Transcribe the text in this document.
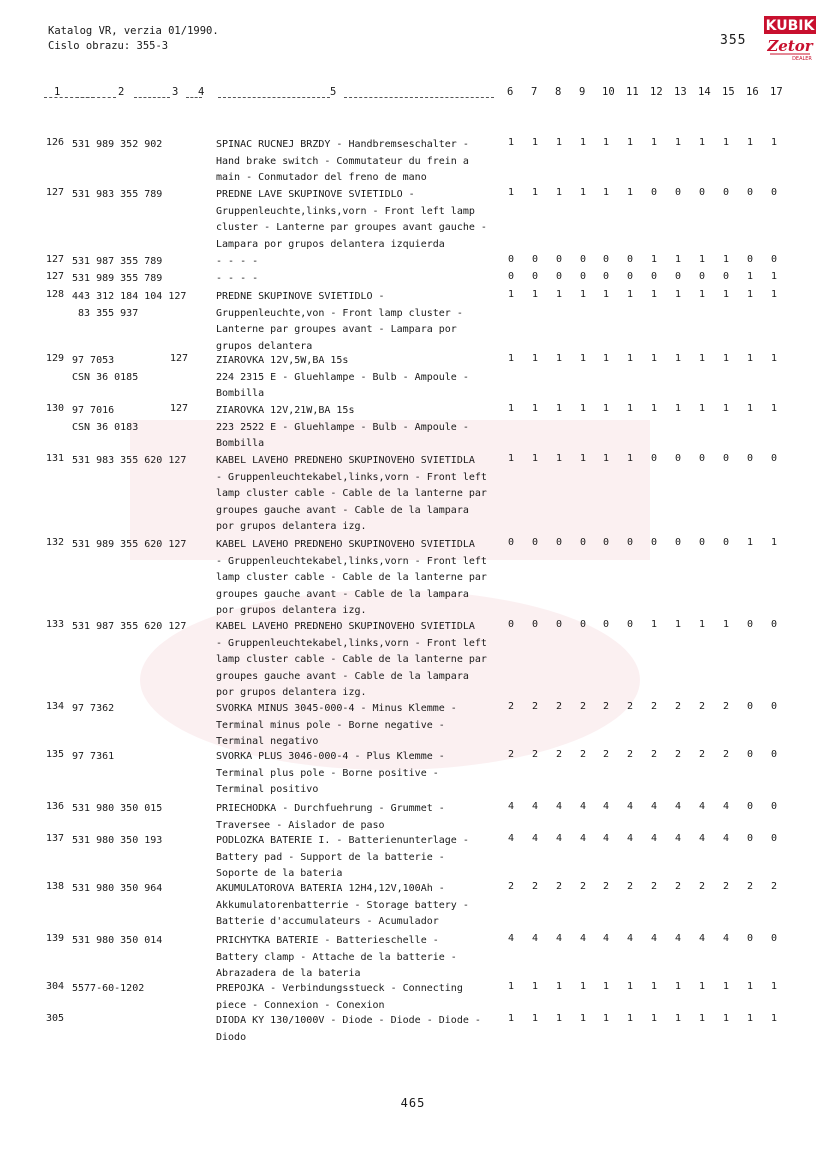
Katalog VR, verzia 01/1990.
Cislo obrazu: 355-3	355
KUBIK
Zetor
DEALER
1	2	3 4	5	6 7 8 9 10 11 12 13 14 15 16 17
126 531 989 352 902	SPINAC RUCNEJ BRZDY - Handbremseschalter -
Hand brake switch - Commutateur du frein a
main - Conmutador del freno de mano
1	1	1	1	1	1	1	1	1	1	1	1
127 531 983 355 789	PREDNE LAVE SKUPINOVE SVIETIDLO -
Gruppenleuchte,links,vorn - Front left lamp
cluster - Lanterne par groupes avant gauche -
Lampara por grupos delantera izquierda
1	1	1	1	1	1	0	0	0	0	0	0
127 531 987 355 789	- - - -	0	0	0	0	0	0	1	1	1	1	0	0
127 531 989 355 789	- - - -	0	0	0	0	0	0	0	0	0	0	1	1
128 443 312 184 104 127
83 355 937
PREDNE SKUPINOVE SVIETIDLO -
Gruppenleuchte,von - Front lamp cluster -
Lanterne par groupes avant - Lampara por
grupos delantera
1	1	1	1	1	1	1	1	1	1	1	1
129 97 7053
CSN 36 0185
127	ZIAROVKA 12V,5W,BA 15s
224 2315 E - Gluehlampe - Bulb - Ampoule -
Bombilla
1	1	1	1	1	1	1	1	1	1	1	1
130 97 7016
CSN 36 0183
127	ZIAROVKA 12V,21W,BA 15s
223 2522 E - Gluehlampe - Bulb - Ampoule -
Bombilla
1	1	1	1	1	1	1	1	1	1	1	1
131 531 983 355 620 127	KABEL LAVEHO PREDNEHO SKUPINOVEHO SVIETIDLA
- Gruppenleuchtekabel,links,vorn - Front left
lamp cluster cable - Cable de la lanterne par
groupes gauche avant - Cable de la lampara
por grupos delantera izg.
1	1	1	1	1	1	0	0	0	0	0	0
132 531 989 355 620 127	KABEL LAVEHO PREDNEHO SKUPINOVEHO SVIETIDLA
- Gruppenleuchtekabel,links,vorn - Front left
lamp cluster cable - Cable de la lanterne par
groupes gauche avant - Cable de la lampara
por grupos delantera izg.
0	0	0	0	0	0	0	0	0	0	1	1
133 531 987 355 620 127	KABEL LAVEHO PREDNEHO SKUPINOVEHO SVIETIDLA
- Gruppenleuchtekabel,links,vorn - Front left
lamp cluster cable - Cable de la lanterne par
groupes gauche avant - Cable de la lampara
por grupos delantera izg.
0	0	0	0	0	0	1	1	1	1	0	0
134 97 7362	SVORKA MINUS 3045-000-4 - Minus Klemme -
Terminal minus pole - Borne negative -
Terminal negativo
2	2	2	2	2	2	2	2	2	2	0	0
135 97 7361	SVORKA PLUS 3046-000-4 - Plus Klemme -
Terminal plus pole - Borne positive -
Terminal positivo
2	2	2	2	2	2	2	2	2	2	0	0
136 531 980 350 015	PRIECHODKA - Durchfuehrung - Grummet -
Traversee - Aislador de paso
4	4	4	4	4	4	4	4	4	4	0	0
137 531 980 350 193	PODLOZKA BATERIE I. - Batterienunterlage -
Battery pad - Support de la batterie -
Soporte de la bateria
4	4	4	4	4	4	4	4	4	4	0	0
138 531 980 350 964	AKUMULATOROVA BATERIA 12H4,12V,100Ah -
Akkumulatorenbatterrie - Storage battery -
Batterie d'accumulateurs - Acumulador
2	2	2	2	2	2	2	2	2	2	2	2
139 531 980 350 014	PRICHYTKA BATERIE - Batterieschelle -
Battery clamp - Attache de la batterie -
Abrazadera de la bateria
4	4	4	4	4	4	4	4	4	4	0	0
304 5577-60-1202	PREPOJKA - Verbindungsstueck - Connecting
piece - Connexion - Conexion
1	1	1	1	1	1	1	1	1	1	1	1
305	DIODA KY 130/1000V - Diode - Diode - Diode -
Diodo
1	1	1	1	1	1	1	1	1	1	1	1
465
